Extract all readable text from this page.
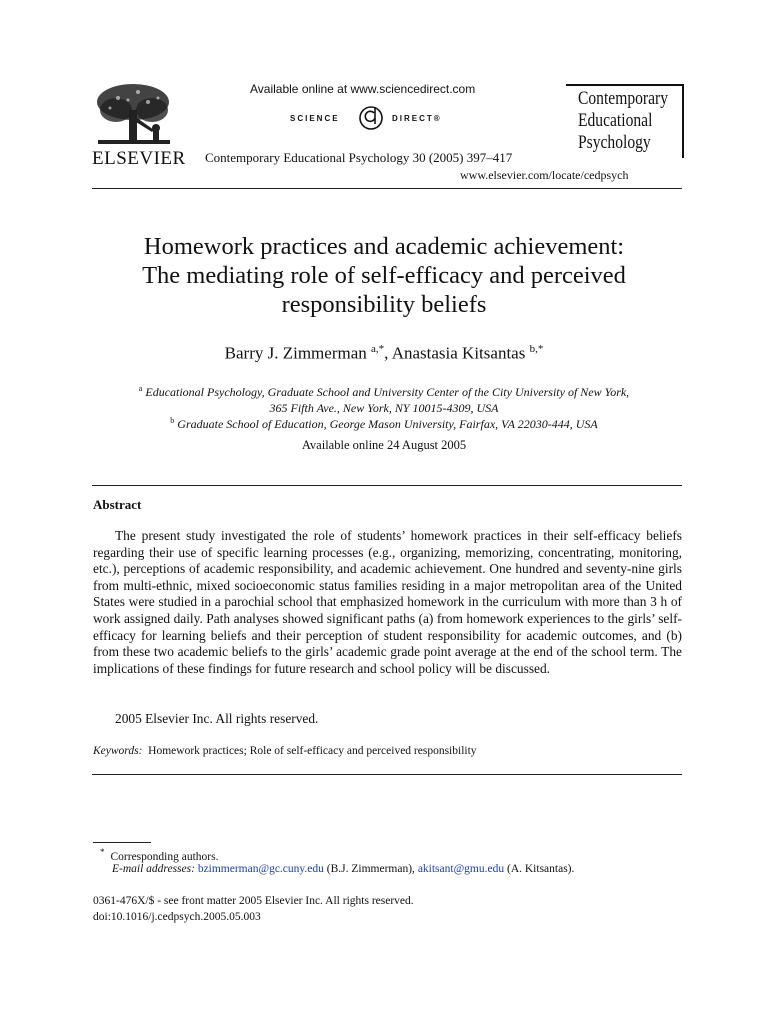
ELSEVIER
Available online at www.sciencedirect.com
SCIENCE	DIRECT®
Contemporary Educational Psychology 30 (2005) 397–417
Contemporary
Educational
Psychology
www.elsevier.com/locate/cedpsych
Homework practices and academic achievement:
The mediating role of self-efficacy and perceived
responsibility beliefs
Barry J. Zimmerman $^{a,*}$, Anastasia Kitsantas $^{b,*}$
$^a$ Educational Psychology, Graduate School and University Center of the City University of New York,
365 Fifth Ave., New York, NY 10015-4309, USA
$^b$ Graduate School of Education, George Mason University, Fairfax, VA 22030-444, USA
Available online 24 August 2005
Abstract
The present study investigated the role of students’ homework practices in their self-efficacy beliefs regarding their use of specific learning processes (e.g., organizing, memorizing, concentrating, monitoring, etc.), perceptions of academic responsibility, and academic achievement. One hundred and seventy-nine girls from multi-ethnic, mixed socioeconomic status families residing in a major metropolitan area of the United States were studied in a parochial school that emphasized homework in the curriculum with more than 3 h of work assigned daily. Path analyses showed significant paths (a) from homework experiences to the girls’ self-efficacy for learning beliefs and their perception of student responsibility for academic outcomes, and (b) from these two academic beliefs to the girls’ academic grade point average at the end of the school term. The implications of these findings for future research and school policy will be discussed.
2005 Elsevier Inc. All rights reserved.
Keywords: Homework practices; Role of self-efficacy and perceived responsibility
* Corresponding authors.
E-mail addresses: bzimmerman@gc.cuny.edu (B.J. Zimmerman), akitsant@gmu.edu (A. Kitsantas).
0361-476X/$ - see front matter 2005 Elsevier Inc. All rights reserved.
doi:10.1016/j.cedpsych.2005.05.003
